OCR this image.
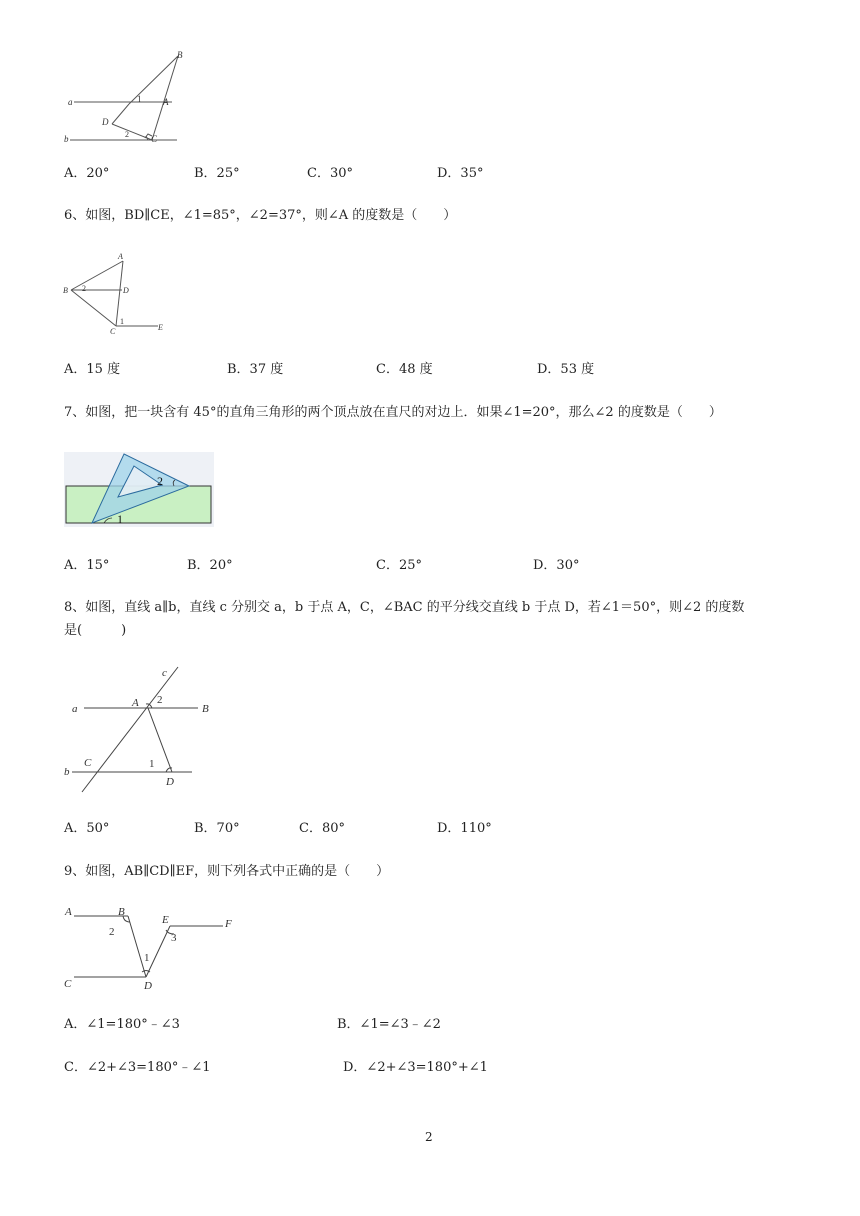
B
a	1 A
D
b	2 C
A．20°	B．25°	C．30°	D．35°
6、如图，BD∥CE，∠1=85°，∠2=37°，则∠A 的度数是（　　）
A
B 2	D
1
C	E
A．15 度	B．37 度	C．48 度	D．53 度
7、如图，把一块含有 45°的直角三角形的两个顶点放在直尺的对边上．如果∠1=20°，那么∠2 的度数是（　　）
2
1
A．15°	B．20°	C．25°	D．30°
8、如图，直线 a∥b，直线 c 分别交 a，b 于点 A，C，∠BAC 的平分线交直线 b 于点 D，若∠1＝50°，则∠2 的度数
是(　　　)
c
a	A 2
B
b
C	1
D
A．50°	B．70°	C．80°	D．110°
9、如图，AB∥CD∥EF，则下列各式中正确的是（　　）
A	B
E	F
2	3
1
C	D
A．∠1=180°﹣∠3	B．∠1=∠3﹣∠2
C．∠2+∠3=180°﹣∠1	D．∠2+∠3=180°+∠1
2
